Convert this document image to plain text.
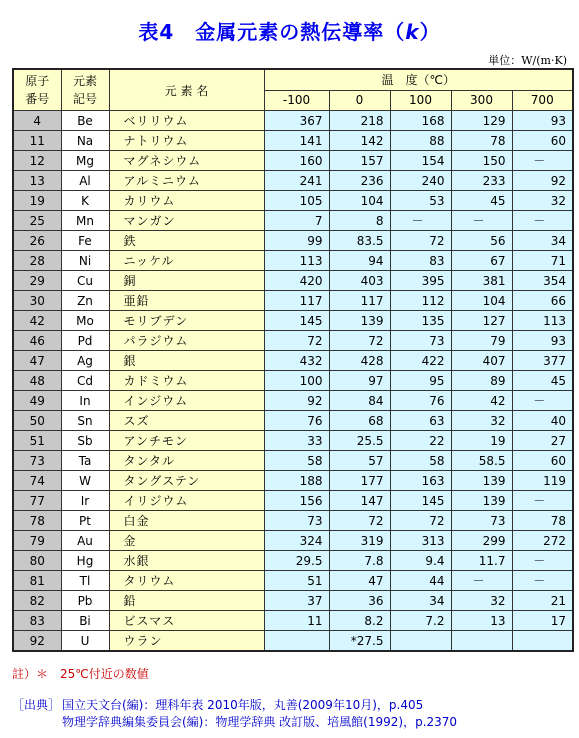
表4　金属元素の熱伝導率（k）
単位：W/(m·K)
原子
番号	元素
記号	元 素 名	温　度（℃）				
			-100	0	100	300	700
4	Be	ベリリウム	367	218	168	129	93
11	Na	ナトリウム	141	142	88	78	60
12	Mg	マグネシウム	160	157	154	150	－
13	Al	アルミニウム	241	236	240	233	92
19	K	カリウム	105	104	53	45	32
25	Mn	マンガン	7	8	－	－	－
26	Fe	鉄	99	83.5	72	56	34
28	Ni	ニッケル	113	94	83	67	71
29	Cu	銅	420	403	395	381	354
30	Zn	亜鉛	117	117	112	104	66
42	Mo	モリブデン	145	139	135	127	113
46	Pd	パラジウム	72	72	73	79	93
47	Ag	銀	432	428	422	407	377
48	Cd	カドミウム	100	97	95	89	45
49	In	インジウム	92	84	76	42	－
50	Sn	スズ	76	68	63	32	40
51	Sb	アンチモン	33	25.5	22	19	27
73	Ta	タンタル	58	57	58	58.5	60
74	W	タングステン	188	177	163	139	119
77	Ir	イリジウム	156	147	145	139	－
78	Pt	白金	73	72	72	73	78
79	Au	金	324	319	313	299	272
80	Hg	水銀	29.5	7.8	9.4	11.7	－
81	Tl	タリウム	51	47	44	－	－
82	Pb	鉛	37	36	34	32	21
83	Bi	ビスマス	11	8.2	7.2	13	17
92	U	ウラン		*27.5			
註）＊　25℃付近の数値
［出典］ 国立天文台(編)：理科年表 2010年版，丸善(2009年10月)，p.405
物理学辞典編集委員会(編)：物理学辞典 改訂版、培風館(1992)，p.2370
